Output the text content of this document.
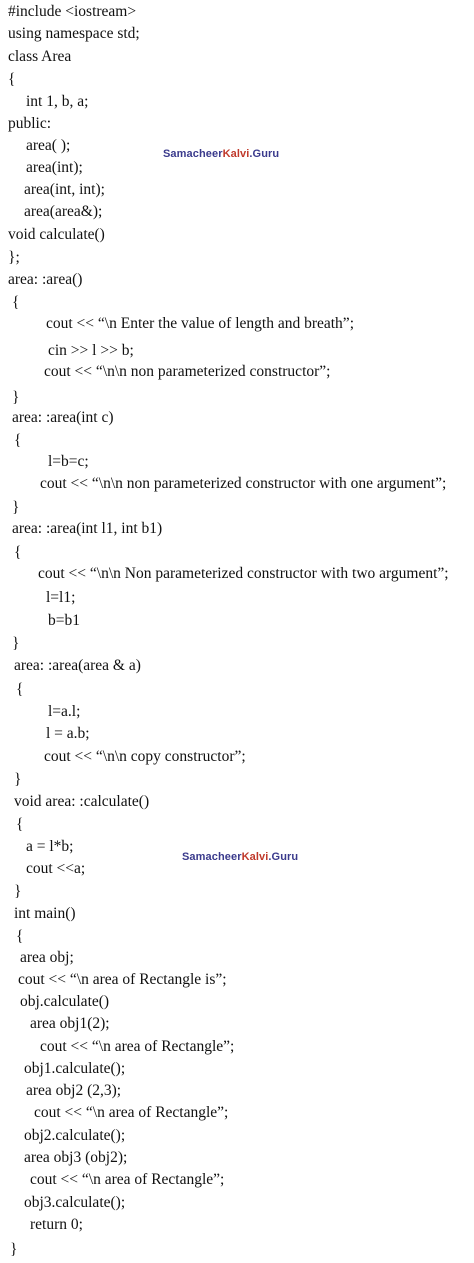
#include <iostream>
using namespace std;
class Area
{
int 1, b, a;
public:
area( );
area(int);
area(int, int);
area(area&);
void calculate()
};
area: :area()
{
cout << “\n Enter the value of length and breath”;
cin >> l >> b;
cout << “\n\n non parameterized constructor”;
}
area: :area(int c)
{
l=b=c;
cout << “\n\n non parameterized constructor with one argument”;
}
area: :area(int l1, int b1)
{
cout << “\n\n Non parameterized constructor with two argument”;
l=l1;
b=b1
}
area: :area(area & a)
{
l=a.l;
l = a.b;
cout << “\n\n copy constructor”;
}
void area: :calculate()
{
a = l*b;
cout <<a;
}
int main()
{
area obj;
cout << “\n area of Rectangle is”;
obj.calculate()
area obj1(2);
cout << “\n area of Rectangle”;
obj1.calculate();
area obj2 (2,3);
cout << “\n area of Rectangle”;
obj2.calculate();
area obj3 (obj2);
cout << “\n area of Rectangle”;
obj3.calculate();
return 0;
}
SamacheerKalvi.Guru
SamacheerKalvi.Guru
